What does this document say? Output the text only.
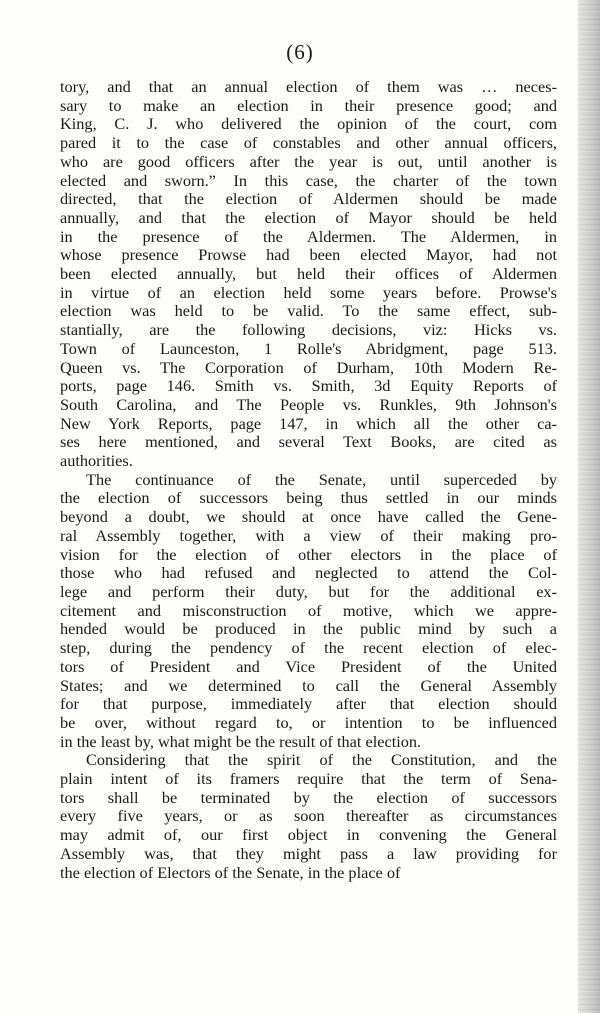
(6)

tory, and that an annual election of them was … neces-
sary to make an election in their presence good; and
King, C. J. who delivered the opinion of the court, com
pared it to the case of constables and other annual officers,
who are good officers after the year is out, until another is
elected and sworn.” In this case, the charter of the town
directed, that the election of Aldermen should be made
annually, and that the election of Mayor should be held
in the presence of the Aldermen. The Aldermen, in
whose presence Prowse had been elected Mayor, had not
been elected annually, but held their offices of Aldermen
in virtue of an election held some years before. Prowse's
election was held to be valid. To the same effect, sub-
stantially, are the following decisions, viz: Hicks vs.
Town of Launceston, 1 Rolle's Abridgment, page 513.
Queen vs. The Corporation of Durham, 10th Modern Re-
ports, page 146. Smith vs. Smith, 3d Equity Reports of
South Carolina, and The People vs. Runkles, 9th Johnson's
New York Reports, page 147, in which all the other ca-
ses here mentioned, and several Text Books, are cited as
authorities.

The continuance of the Senate, until superceded by
the election of successors being thus settled in our minds
beyond a doubt, we should at once have called the Gene-
ral Assembly together, with a view of their making pro-
vision for the election of other electors in the place of
those who had refused and neglected to attend the Col-
lege and perform their duty, but for the additional ex-
citement and misconstruction of motive, which we appre-
hended would be produced in the public mind by such a
step, during the pendency of the recent election of elec-
tors of President and Vice President of the United
States; and we determined to call the General Assembly
for that purpose, immediately after that election should
be over, without regard to, or intention to be influenced
in the least by, what might be the result of that election.

Considering that the spirit of the Constitution, and the
plain intent of its framers require that the term of Sena-
tors shall be terminated by the election of successors
every five years, or as soon thereafter as circumstances
may admit of, our first object in convening the General
Assembly was, that they might pass a law providing for
the election of Electors of the Senate, in the place of
